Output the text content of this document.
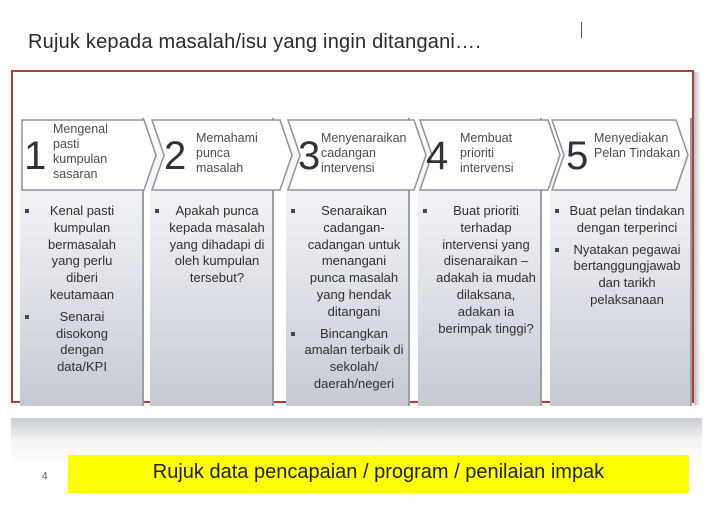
Rujuk kepada masalah/isu yang ingin ditangani….
1
Mengenal pasti kumpulan sasaran	2 Memahami punca masalah	3 Menyenaraikan cadangan intervensi	4 Membuat prioriti intervensi	5 Menyediakan Pelan Tindakan
Kenal pasti kumpulan bermasalah yang perlu diberi keutamaan
Senarai disokong dengan data/KPI
Apakah punca kepada masalah yang dihadapi di oleh kumpulan tersebut?
Senaraikan cadangan-cadangan untuk menangani punca masalah yang hendak ditangani
Bincangkan amalan terbaik di sekolah/ daerah/negeri
Buat prioriti terhadap intervensi yang disenaraikan – adakah ia mudah dilaksana, adakan ia berimpak tinggi?
Buat pelan tindakan dengan terperinci
Nyatakan pegawai bertanggungjawab dan tarikh pelaksanaan
Rujuk data pencapaian / program / penilaian impak
4
